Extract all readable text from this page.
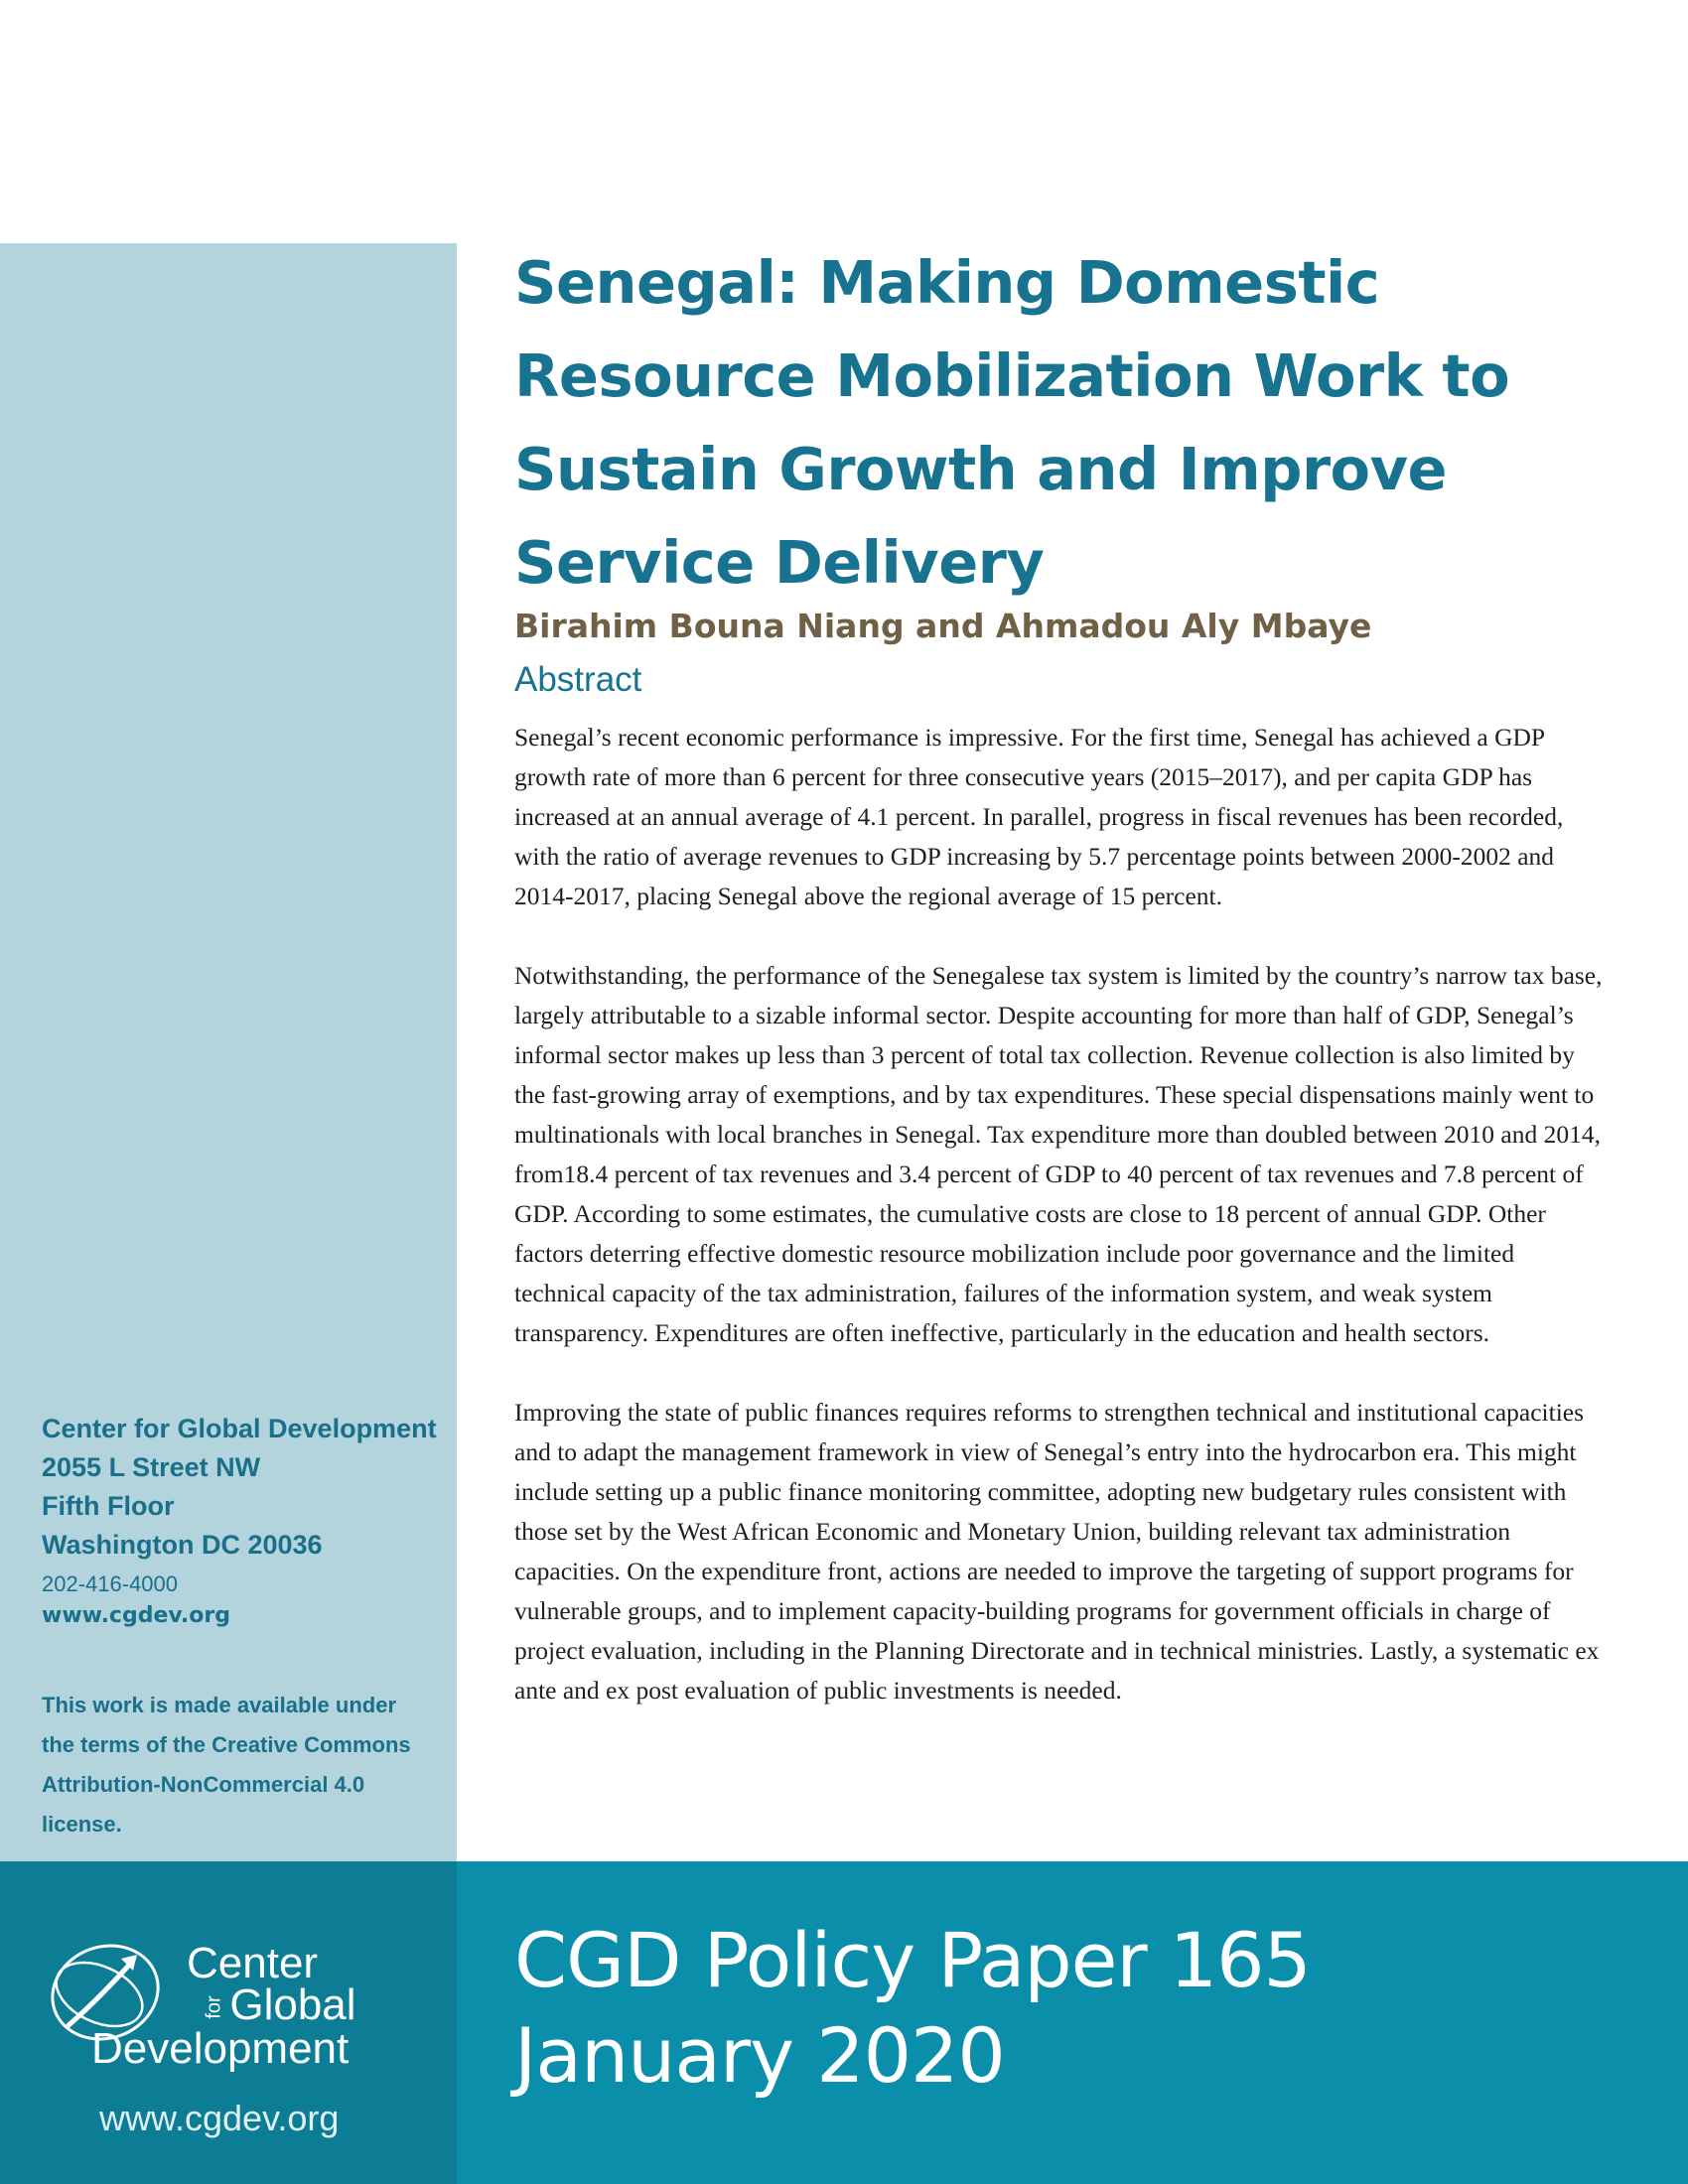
Center for Global Development
2055 L Street NW
Fifth Floor
Washington DC 20036
202-416-4000
www.cgdev.org
This work is made available under
the terms of the Creative Commons
Attribution-NonCommercial 4.0
license.
Senegal: Making Domestic Resource Mobilization Work to Sustain Growth and Improve Service Delivery
Birahim Bouna Niang and Ahmadou Aly Mbaye
Abstract

Senegal’s recent economic performance is impressive. For the first time, Senegal has achieved a GDP growth rate of more than 6 percent for three consecutive years (2015–2017), and per capita GDP has increased at an annual average of 4.1 percent. In parallel, progress in fiscal revenues has been recorded, with the ratio of average revenues to GDP increasing by 5.7 percentage points between 2000-2002 and 2014-2017, placing Senegal above the regional average of 15 percent.

Notwithstanding, the performance of the Senegalese tax system is limited by the country’s narrow tax base, largely attributable to a sizable informal sector. Despite accounting for more than half of GDP, Senegal’s informal sector makes up less than 3 percent of total tax collection. Revenue collection is also limited by the fast-growing array of exemptions, and by tax expenditures. These special dispensations mainly went to multinationals with local branches in Senegal. Tax expenditure more than doubled between 2010 and 2014, from18.4 percent of tax revenues and 3.4 percent of GDP to 40 percent of tax revenues and 7.8 percent of GDP. According to some estimates, the cumulative costs are close to 18 percent of annual GDP. Other factors deterring effective domestic resource mobilization include poor governance and the limited technical capacity of the tax administration, failures of the information system, and weak system transparency. Expenditures are often ineffective, particularly in the education and health sectors.

Improving the state of public finances requires reforms to strengthen technical and institutional capacities and to adapt the management framework in view of Senegal’s entry into the hydrocarbon era. This might include setting up a public finance monitoring committee, adopting new budgetary rules consistent with those set by the West African Economic and Monetary Union, building relevant tax administration capacities. On the expenditure front, actions are needed to improve the targeting of support programs for vulnerable groups, and to implement capacity-building programs for government officials in charge of project evaluation, including in the Planning Directorate and in technical ministries. Lastly, a systematic ex ante and ex post evaluation of public investments is needed.

Center
for Global
Development
www.cgdev.org
CGD Policy Paper 165
January 2020
